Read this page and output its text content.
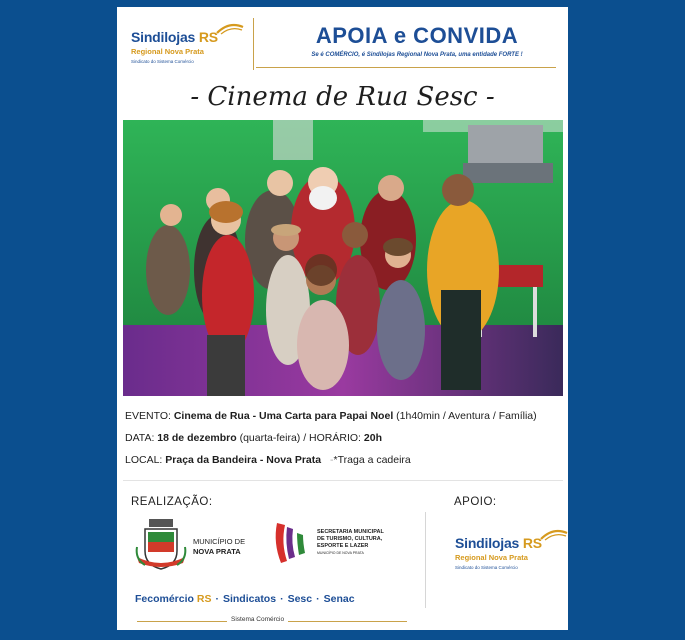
Sindilojas RS
Regional Nova Prata
Sindicato do Sistema Comércio
APOIA e CONVIDA
Se é COMÉRCIO, é Sindilojas Regional Nova Prata, uma entidade FORTE !
- Cinema de Rua Sesc -
EVENTO: Cinema de Rua - Uma Carta para Papai Noel (1h40min / Aventura / Família)
DATA: 18 de dezembro (quarta-feira) / HORÁRIO: 20h
LOCAL: Praça da Bandeira - Nova Prata -*Traga a cadeira
REALIZAÇÃO:	APOIO:
MUNICÍPIO DE
NOVA PRATA
SECRETARIA MUNICIPAL
DE TURISMO, CULTURA,
ESPORTE E LAZER
MUNICÍPIO DE NOVA PRATA
Fecomércio RS · Sindicatos · Sesc · Senac
Sistema Comércio
Sindilojas RS
Regional Nova Prata
Sindicato do Sistema Comércio
